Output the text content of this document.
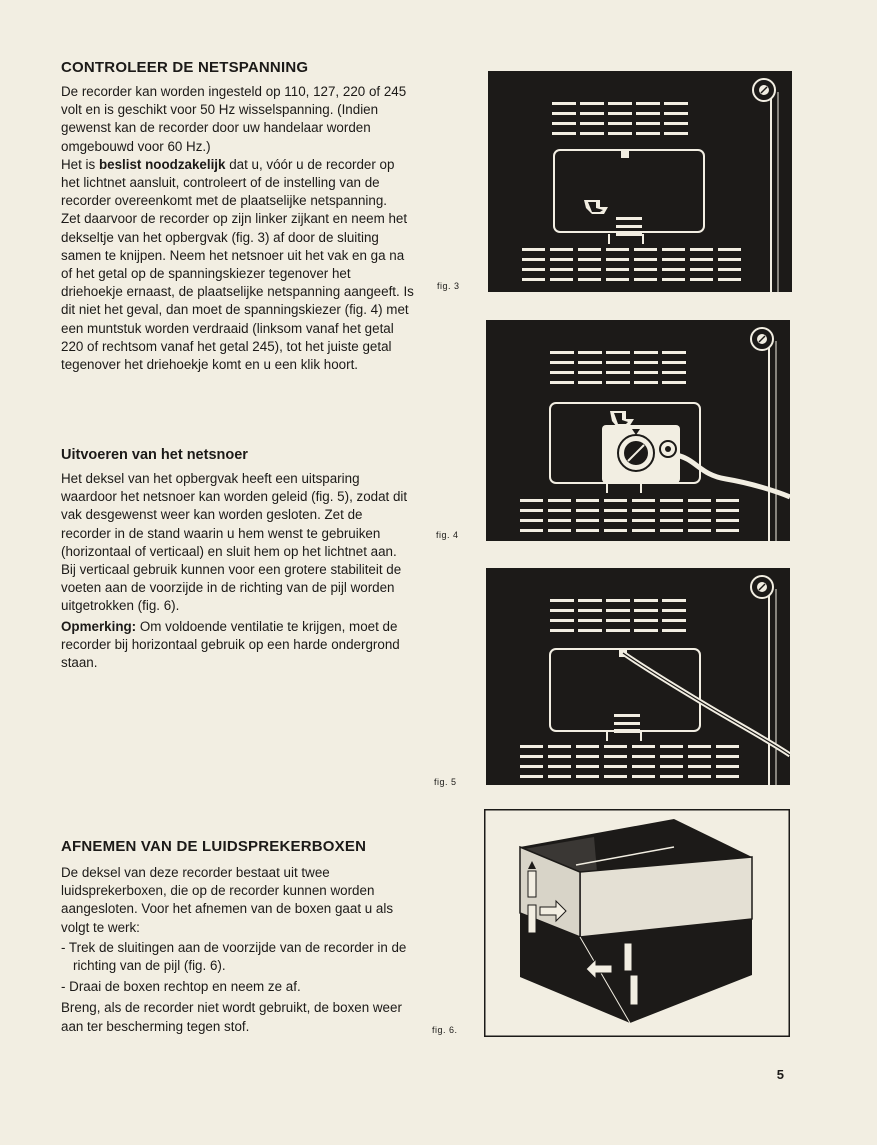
CONTROLEER DE NETSPANNING

De recorder kan worden ingesteld op 110, 127, 220 of 245 volt en is geschikt voor 50 Hz wisselspanning. (Indien gewenst kan de recorder door uw handelaar worden omgebouwd voor 60 Hz.)

Het is beslist noodzakelijk dat u, vóór u de recorder op het lichtnet aansluit, controleert of de instelling van de recorder overeenkomt met de plaatselijke netspanning.

Zet daarvoor de recorder op zijn linker zijkant en neem het dekseltje van het opbergvak (fig. 3) af door de sluiting samen te knijpen. Neem het netsnoer uit het vak en ga na of het getal op de spanningskiezer tegenover het driehoekje ernaast, de plaatselijke netspanning aangeeft. Is dit niet het geval, dan moet de spanningskiezer (fig. 4) met een muntstuk worden verdraaid (linksom vanaf het getal 220 of rechtsom vanaf het getal 245), tot het juiste getal tegenover het driehoekje komt en u een klik hoort.

Uitvoeren van het netsnoer

Het deksel van het opbergvak heeft een uitsparing waardoor het netsnoer kan worden geleid (fig. 5), zodat dit vak desgewenst weer kan worden gesloten. Zet de recorder in de stand waarin u hem wenst te gebruiken (horizontaal of verticaal) en sluit hem op het lichtnet aan. Bij verticaal gebruik kunnen voor een grotere stabiliteit de voeten aan de voorzijde in de richting van de pijl worden uitgetrokken (fig. 6).

Opmerking: Om voldoende ventilatie te krijgen, moet de recorder bij horizontaal gebruik op een harde ondergrond staan.

AFNEMEN VAN DE LUIDSPREKERBOXEN

De deksel van deze recorder bestaat uit twee luidsprekerboxen, die op de recorder kunnen worden aangesloten. Voor het afnemen van de boxen gaat u als volgt te werk:

- Trek de sluitingen aan de voorzijde van de recorder in de richting van de pijl (fig. 6).
- Draai de boxen rechtop en neem ze af.

Breng, als de recorder niet wordt gebruikt, de boxen weer aan ter bescherming tegen stof.

fig. 3
fig. 4
fig. 5
fig. 6.
5
